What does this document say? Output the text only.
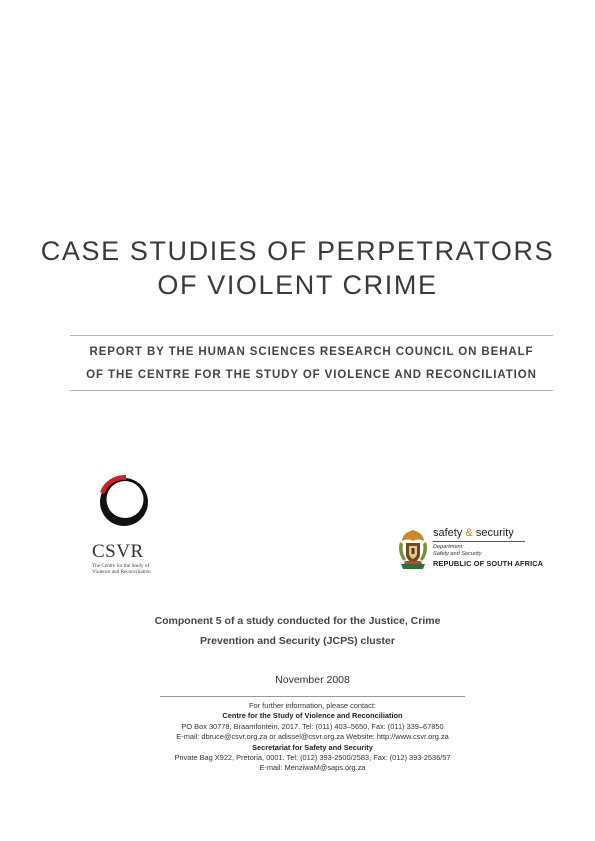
CASE STUDIES OF PERPETRATORS
OF VIOLENT CRIME
REPORT BY THE HUMAN SCIENCES RESEARCH COUNCIL ON BEHALF
OF THE CENTRE FOR THE STUDY OF VIOLENCE AND RECONCILIATION
CSVR
The Centre for the Study of
Violence and Reconciliation
safety & security
Department:
Safety and Security
REPUBLIC OF SOUTH AFRICA
Component 5 of a study conducted for the Justice, Crime
Prevention and Security (JCPS) cluster
November 2008
For further information, please contact:
Centre for the Study of Violence and Reconciliation
PO Box 30778, Braamfontein, 2017. Tel: (011) 403–5650, Fax: (011) 339–67850
E-mail: dbruce@csvr.org.za or adissel@csvr.org.za Website: http://www.csvr.org.za
Secretariat for Safety and Security
Private Bag X922, Pretoria, 0001. Tel: (012) 393-2500/2583, Fax: (012) 393-2536/57
E-mail: MenziwaM@saps.org.za
